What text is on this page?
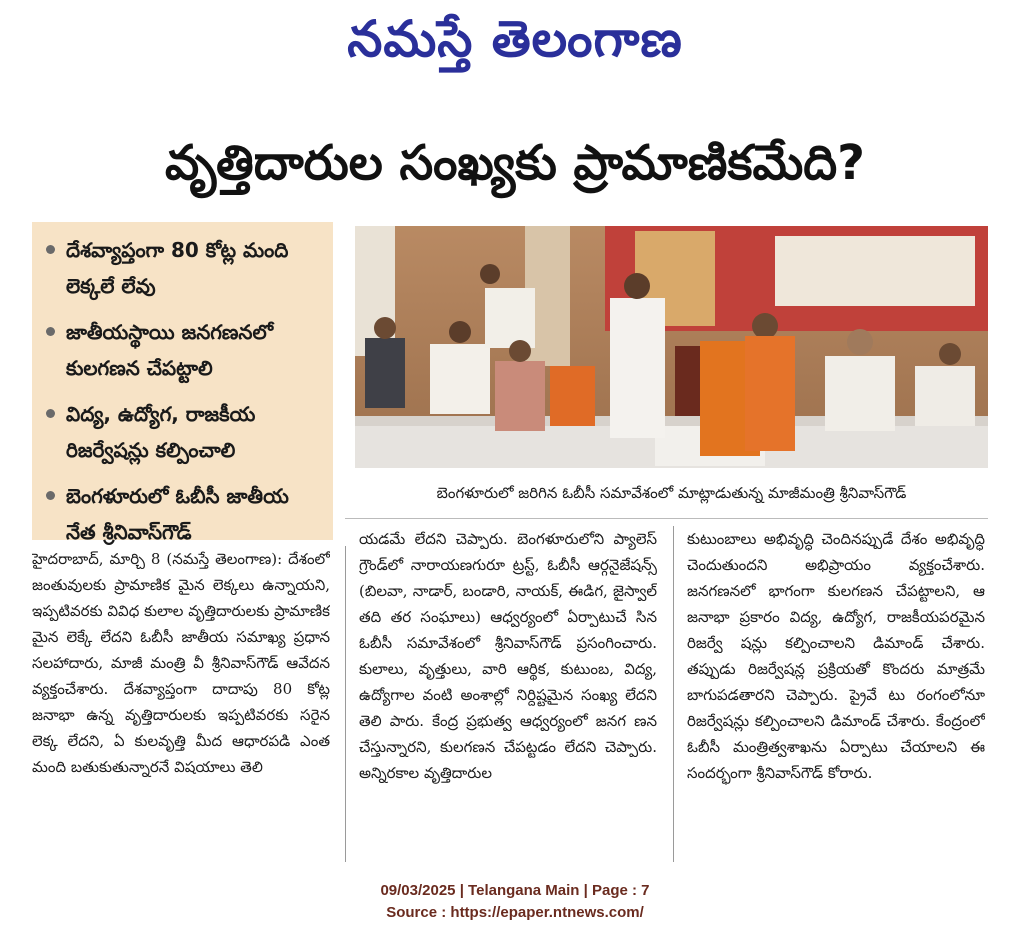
నమస్తే తెలంగాణ
వృత్తిదారుల సంఖ్యకు ప్రామాణికమేది?
దేశవ్యాప్తంగా 80 కోట్ల మంది లెక్కలే లేవు
జాతీయస్థాయి జనగణనలో కులగణన చేపట్టాలి
విద్య, ఉద్యోగ, రాజకీయ రిజర్వేషన్లు కల్పించాలి
బెంగళూరులో ఓబీసీ జాతీయ నేత శ్రీనివాస్‌గౌడ్
బెంగళూరులో జరిగిన ఓబీసీ సమావేశంలో మాట్లాడుతున్న మాజీమంత్రి శ్రీనివాస్‌గౌడ్
హైదరాబాద్, మార్చి 8 (నమస్తే తెలంగాణ): దేశంలో జంతువులకు ప్రామాణిక మైన లెక్కలు ఉన్నాయని, ఇప్పటివరకు వివిధ కులాల వృత్తిదారులకు ప్రామాణిక మైన లెక్కే లేదని ఓబీసీ జాతీయ సమాఖ్య ప్రధాన సలహాదారు, మాజీ మంత్రి వీ శ్రీనివాస్‌గౌడ్ ఆవేదన వ్యక్తంచేశారు. దేశవ్యాప్తంగా దాదాపు 80 కోట్ల జనాభా ఉన్న వృత్తిదారులకు ఇప్పటివరకు సరైన లెక్క లేదని, ఏ కులవృత్తి మీద ఆధారపడి ఎంత మంది బతుకుతున్నారనే విషయాలు తెలి
యడమే లేదని చెప్పారు. బెంగళూరులోని ప్యాలెస్ గ్రౌండ్‌లో నారాయణగురూ ట్రస్ట్, ఓబీసీ ఆర్గనైజేషన్స్ (బిలవా, నాడార్, బండారి, నాయక్, ఈడిగ, జైస్వాల్ తది తర సంఘాలు) ఆధ్వర్యంలో ఏర్పాటుచే సిన ఓబీసీ సమావేశంలో శ్రీనివాస్‌గౌడ్ ప్రసంగించారు. కులాలు, వృత్తులు, వారి ఆర్థిక, కుటుంబ, విద్య, ఉద్యోగాల వంటి అంశాల్లో నిర్దిష్టమైన సంఖ్య లేదని తెలి పారు. కేంద్ర ప్రభుత్వ ఆధ్వర్యంలో జనగ ణన చేస్తున్నారని, కులగణన చేపట్టడం లేదని చెప్పారు. అన్నిరకాల వృత్తిదారుల
కుటుంబాలు అభివృద్ధి చెందినప్పుడే దేశం అభివృద్ధి చెందుతుందని అభిప్రాయం వ్యక్తంచేశారు. జనగణనలో భాగంగా కులగణన చేపట్టాలని, ఆ జనాభా ప్రకారం విద్య, ఉద్యోగ, రాజకీయపరమైన రిజర్వే షన్లు కల్పించాలని డిమాండ్ చేశారు. తప్పుడు రిజర్వేషన్ల ప్రక్రియతో కొందరు మాత్రమే బాగుపడతారని చెప్పారు. ప్రైవే టు రంగంలోనూ రిజర్వేషన్లు కల్పించాలని డిమాండ్ చేశారు. కేంద్రంలో ఓబీసీ మంత్రిత్వశాఖను ఏర్పాటు చేయాలని ఈ సందర్భంగా శ్రీనివాస్‌గౌడ్ కోరారు.
09/03/2025 | Telangana Main | Page : 7
Source : https://epaper.ntnews.com/
